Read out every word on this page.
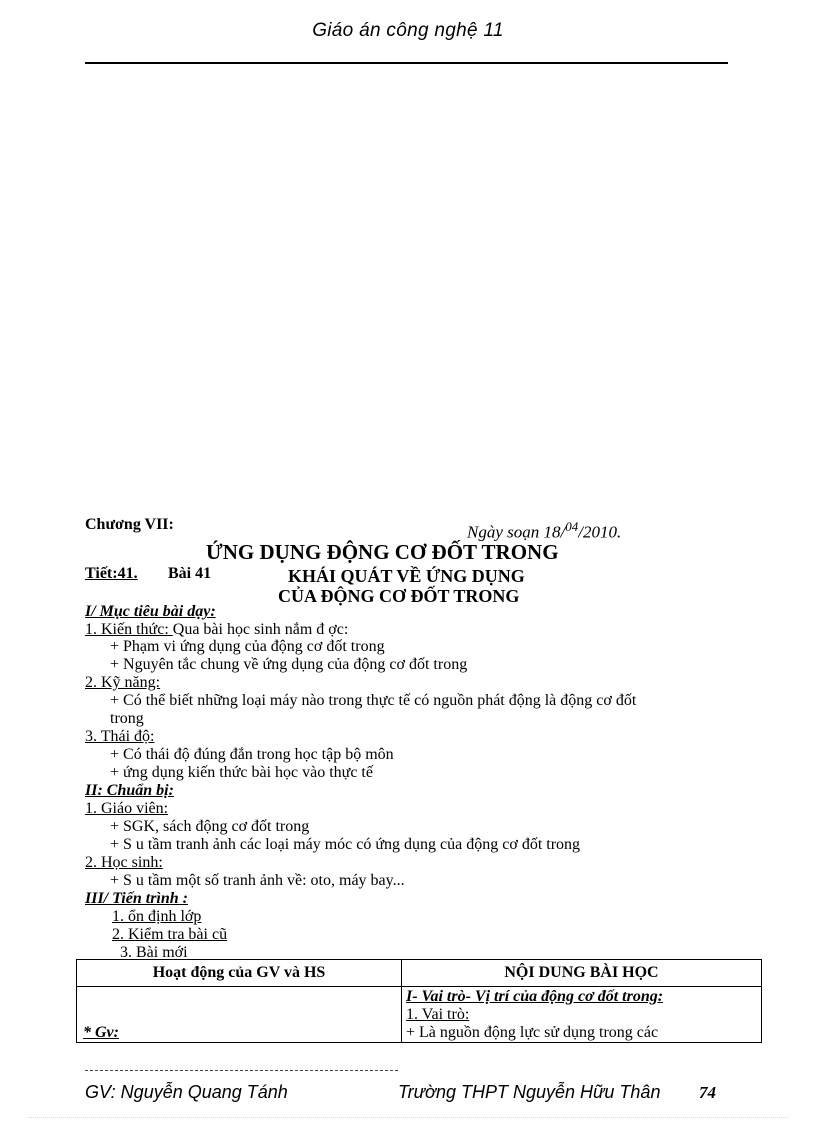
Giáo án công nghệ 11
Chương VII:	Ngày soạn 18/$^{04}$/2010.
ỨNG DỤNG ĐỘNG CƠ ĐỐT TRONG
Tiết:41. Bài 41	KHÁI QUÁT VỀ ỨNG DỤNG
CỦA ĐỘNG CƠ ĐỐT TRONG
I/ Mục tiêu bài dạy:
1. Kiến thức: Qua bài học sinh nắm đ ợc:
+ Phạm vi ứng dụng của động cơ đốt trong
+ Nguyên tắc chung về ứng dụng của động cơ đốt trong
2. Kỹ năng:
+ Có thể biết những loại máy nào trong thực tế có nguồn phát động là động cơ đốt
trong
3. Thái độ:
+ Có thái độ đúng đắn trong học tập bộ môn
+ ứng dụng kiến thức bài học vào thực tế
II: Chuẩn bị:
1. Giáo viên:
+ SGK, sách động cơ đốt trong
+ S u tầm tranh ảnh các loại máy móc có ứng dụng của động cơ đốt trong
2. Học sinh:
+ S u tầm một số tranh ảnh về: oto, máy bay...
III/ Tiến trình :
1. ổn định lớp
2. Kiểm tra bài cũ
3. Bài mới
Hoạt động của GV và HS	NỘI DUNG BÀI HỌC

* Gv:	I- Vai trò- Vị trí của động cơ đốt trong:
1. Vai trò:
+ Là nguồn động lực sử dụng trong các
GV: Nguyễn Quang Tánh	Trường THPT Nguyễn Hữu Thân 74
